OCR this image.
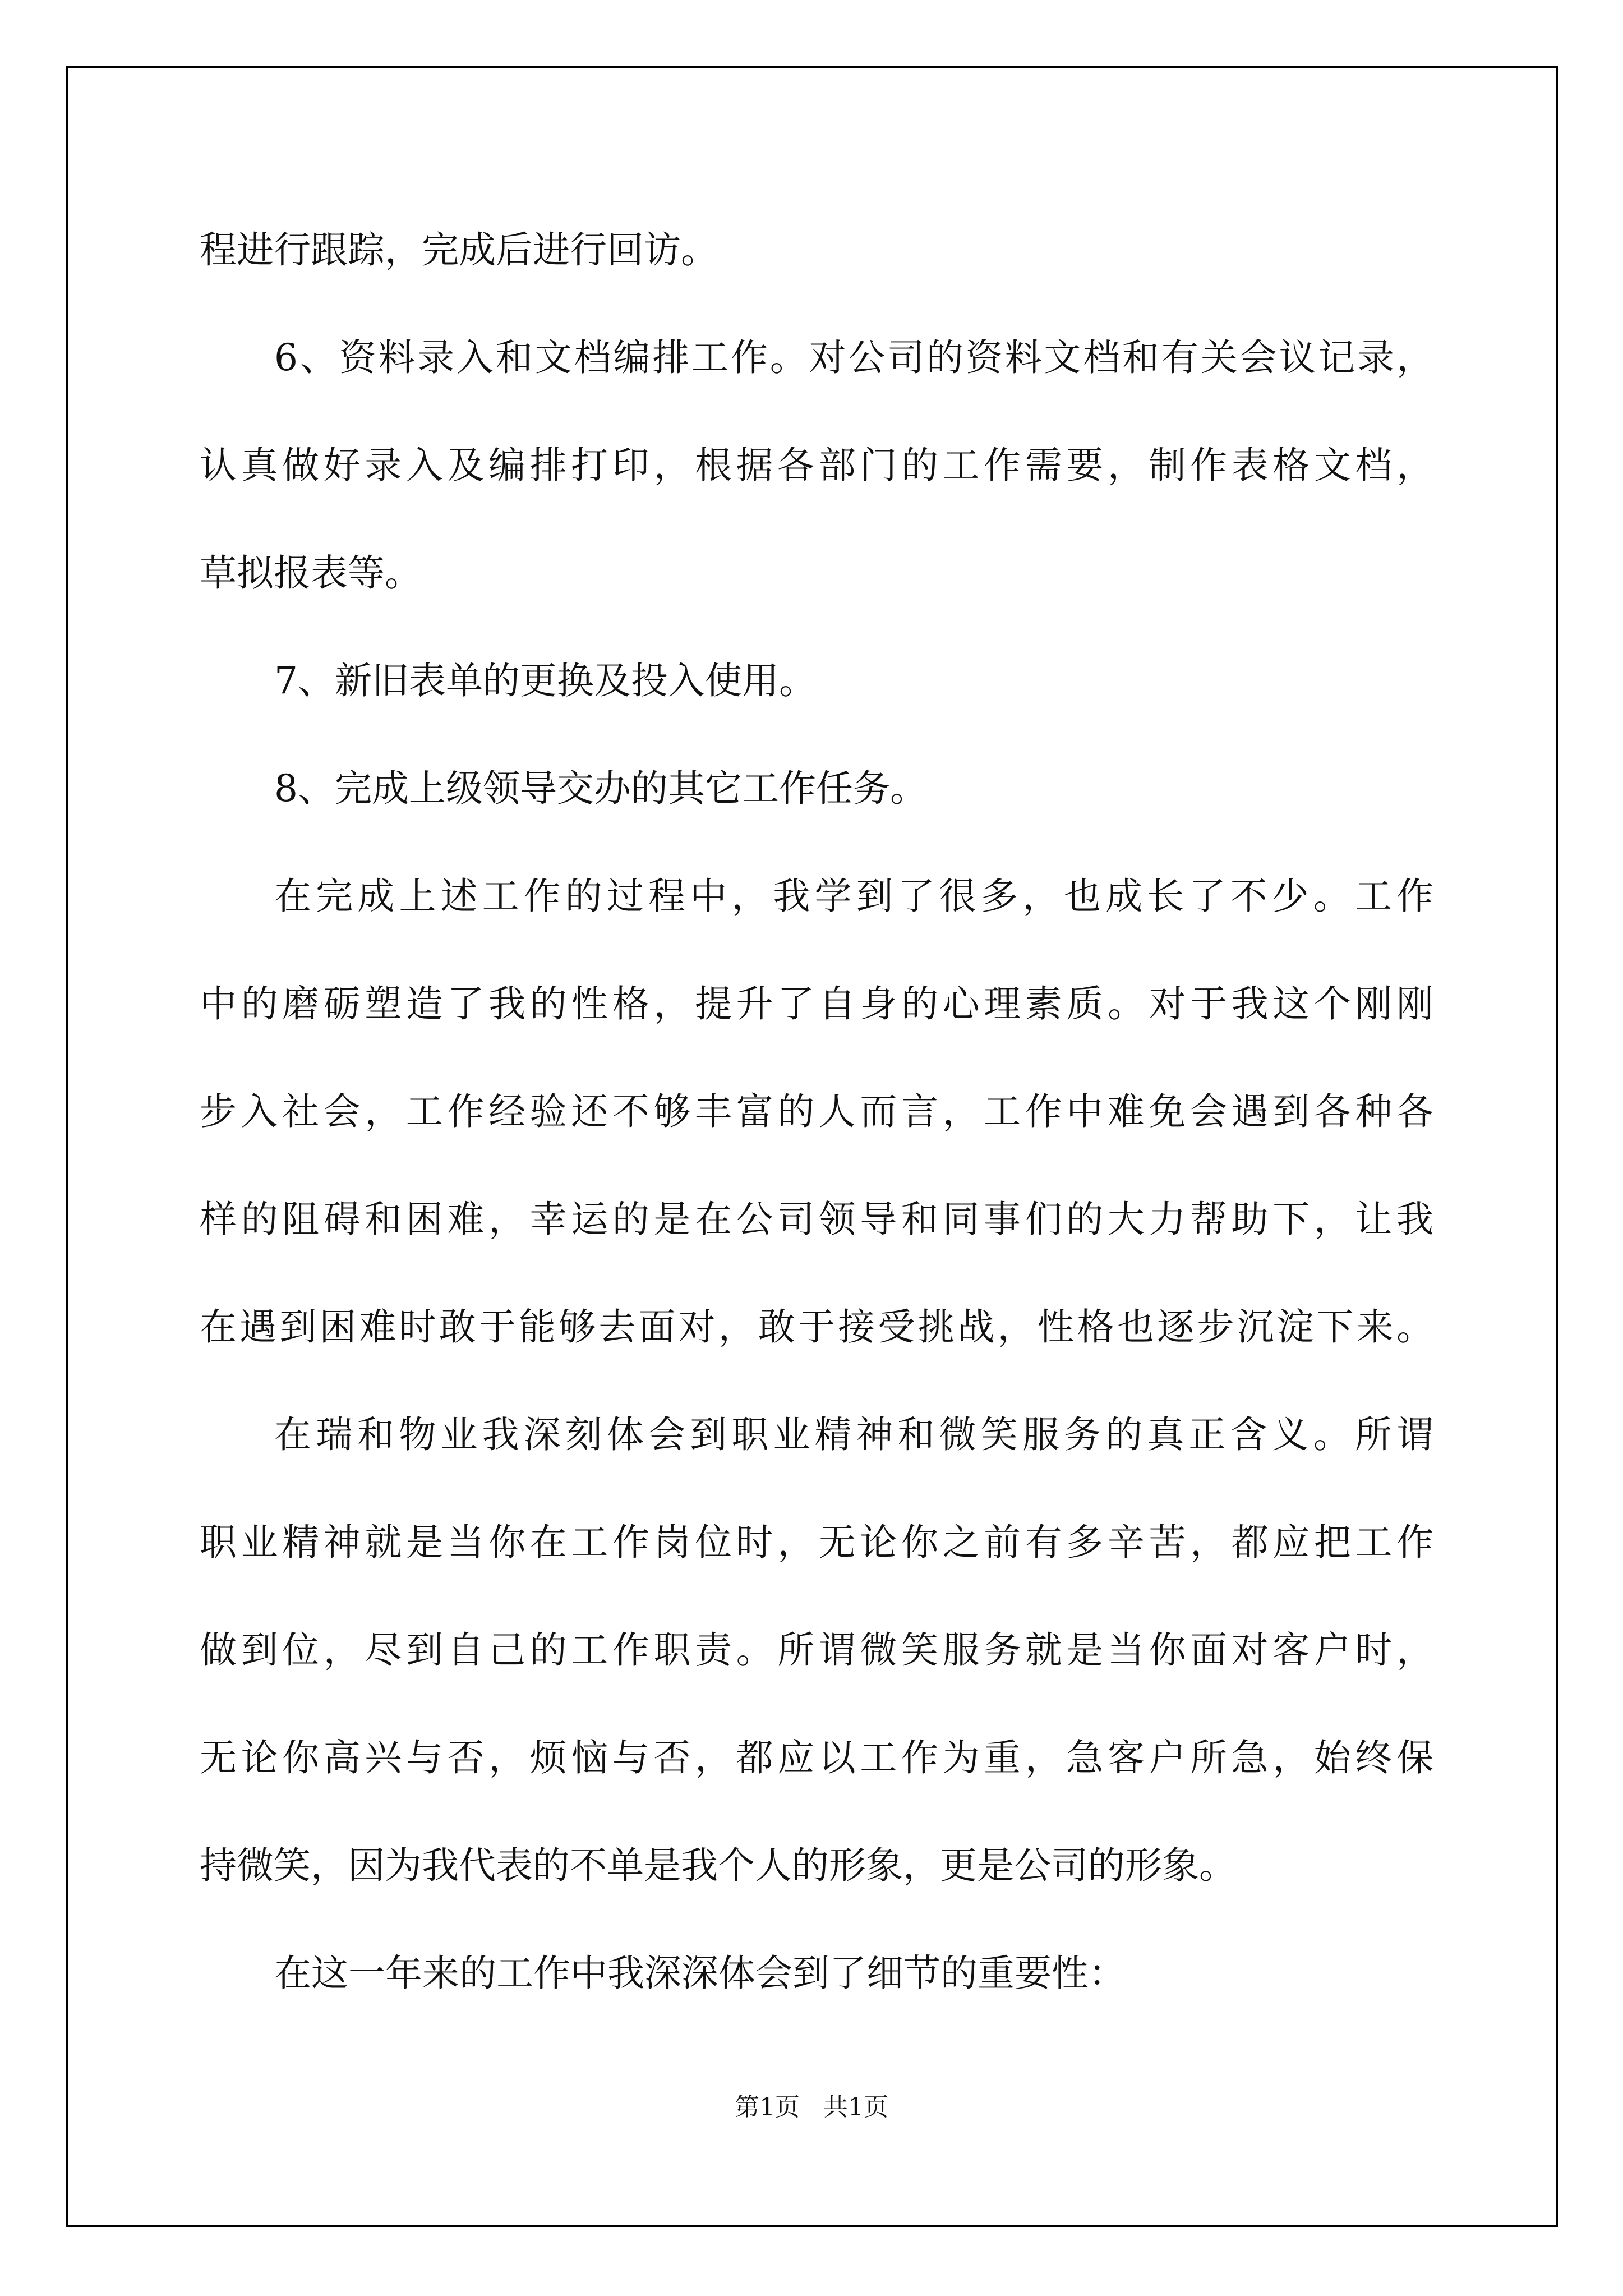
程进行跟踪，完成后进行回访。
6、资料录入和文档编排工作。对公司的资料文档和有关会议记录，
认真做好录入及编排打印，根据各部门的工作需要，制作表格文档，
草拟报表等。
7、新旧表单的更换及投入使用。
8、完成上级领导交办的其它工作任务。
在完成上述工作的过程中，我学到了很多，也成长了不少。工作
中的磨砺塑造了我的性格，提升了自身的心理素质。对于我这个刚刚
步入社会，工作经验还不够丰富的人而言，工作中难免会遇到各种各
样的阻碍和困难，幸运的是在公司领导和同事们的大力帮助下，让我
在遇到困难时敢于能够去面对，敢于接受挑战，性格也逐步沉淀下来。
在瑞和物业我深刻体会到职业精神和微笑服务的真正含义。所谓
职业精神就是当你在工作岗位时，无论你之前有多辛苦，都应把工作
做到位，尽到自己的工作职责。所谓微笑服务就是当你面对客户时，
无论你高兴与否，烦恼与否，都应以工作为重，急客户所急，始终保
持微笑，因为我代表的不单是我个人的形象，更是公司的形象。
在这一年来的工作中我深深体会到了细节的重要性：
第1页   共1页
